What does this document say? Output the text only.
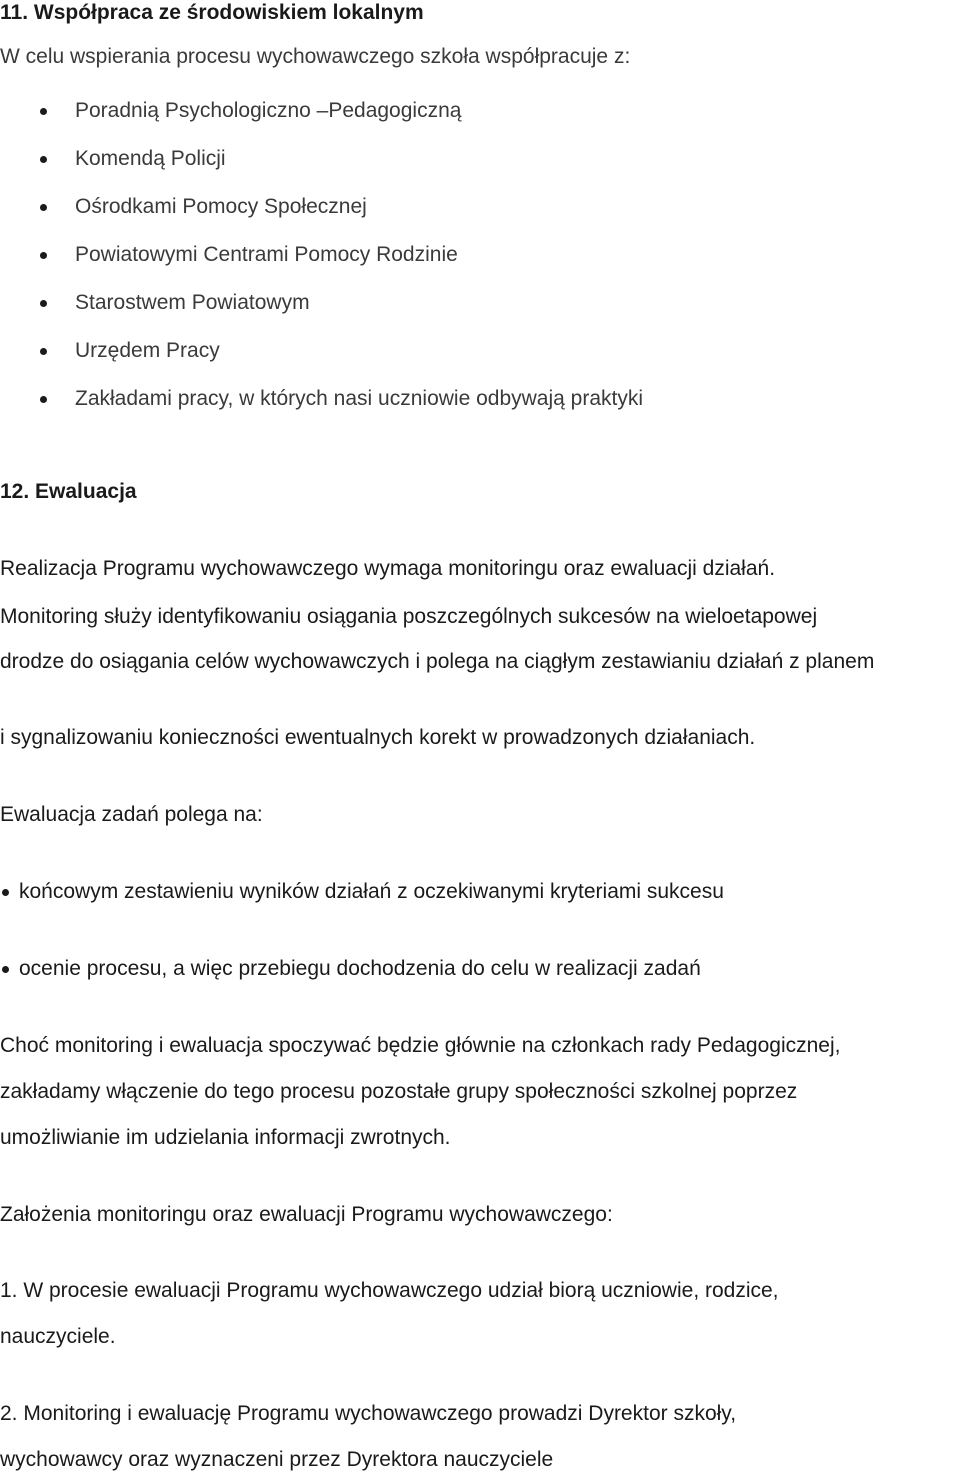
11. Współpraca ze środowiskiem lokalnym
W celu wspierania procesu wychowawczego szkoła współpracuje z:
Poradnią Psychologiczno –Pedagogiczną
Komendą Policji
Ośrodkami Pomocy Społecznej
Powiatowymi Centrami Pomocy Rodzinie
Starostwem Powiatowym
Urzędem Pracy
Zakładami pracy, w których nasi uczniowie odbywają praktyki
12. Ewaluacja
Realizacja Programu wychowawczego wymaga monitoringu oraz ewaluacji działań.
Monitoring służy identyfikowaniu osiągania poszczególnych sukcesów na wieloetapowej
drodze do osiągania celów wychowawczych i polega na ciągłym zestawianiu działań z planem
i sygnalizowaniu konieczności ewentualnych korekt w prowadzonych działaniach.
Ewaluacja zadań polega na:
końcowym zestawieniu wyników działań z oczekiwanymi kryteriami sukcesu
ocenie procesu, a więc przebiegu dochodzenia do celu w realizacji zadań
Choć monitoring i ewaluacja spoczywać będzie głównie na członkach rady Pedagogicznej,
zakładamy włączenie do tego procesu pozostałe grupy społeczności szkolnej poprzez
umożliwianie im udzielania informacji zwrotnych.
Założenia monitoringu oraz ewaluacji Programu wychowawczego:
1. W procesie ewaluacji Programu wychowawczego udział biorą uczniowie, rodzice,
nauczyciele.
2. Monitoring i ewaluację Programu wychowawczego prowadzi Dyrektor szkoły,
wychowawcy oraz wyznaczeni przez Dyrektora nauczyciele
